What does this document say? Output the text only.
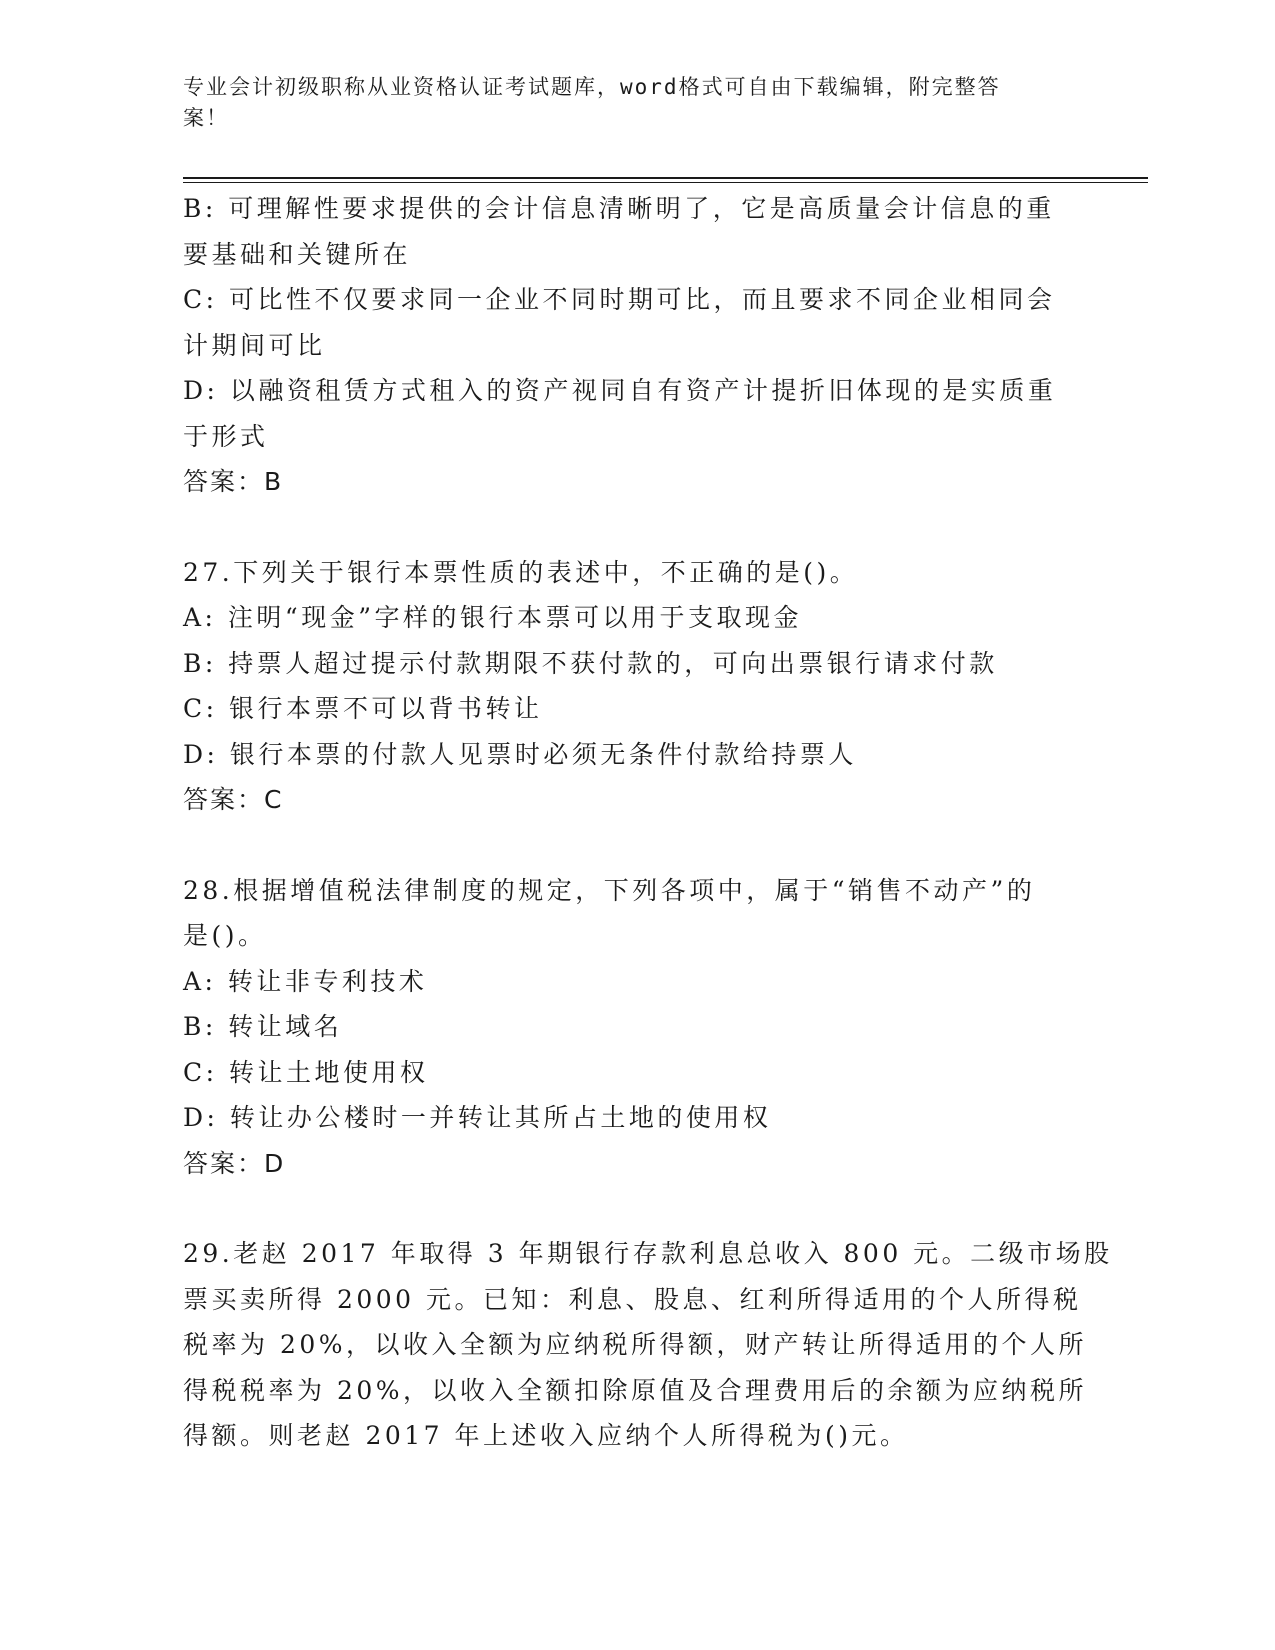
专业会计初级职称从业资格认证考试题库，word格式可自由下载编辑，附完整答
案！
B: 可理解性要求提供的会计信息清晰明了，它是高质量会计信息的重
要基础和关键所在
C: 可比性不仅要求同一企业不同时期可比，而且要求不同企业相同会
计期间可比
D: 以融资租赁方式租入的资产视同自有资产计提折旧体现的是实质重
于形式
答案：B
27.下列关于银行本票性质的表述中，不正确的是()。
A: 注明“现金”字样的银行本票可以用于支取现金
B: 持票人超过提示付款期限不获付款的，可向出票银行请求付款
C: 银行本票不可以背书转让
D: 银行本票的付款人见票时必须无条件付款给持票人
答案：C
28.根据增值税法律制度的规定，下列各项中，属于“销售不动产”的
是()。
A: 转让非专利技术
B: 转让域名
C: 转让土地使用权
D: 转让办公楼时一并转让其所占土地的使用权
答案：D
29.老赵 2017 年取得 3 年期银行存款利息总收入 800 元。二级市场股
票买卖所得 2000 元。已知：利息、股息、红利所得适用的个人所得税
税率为 20%，以收入全额为应纳税所得额，财产转让所得适用的个人所
得税税率为 20%，以收入全额扣除原值及合理费用后的余额为应纳税所
得额。则老赵 2017 年上述收入应纳个人所得税为()元。
